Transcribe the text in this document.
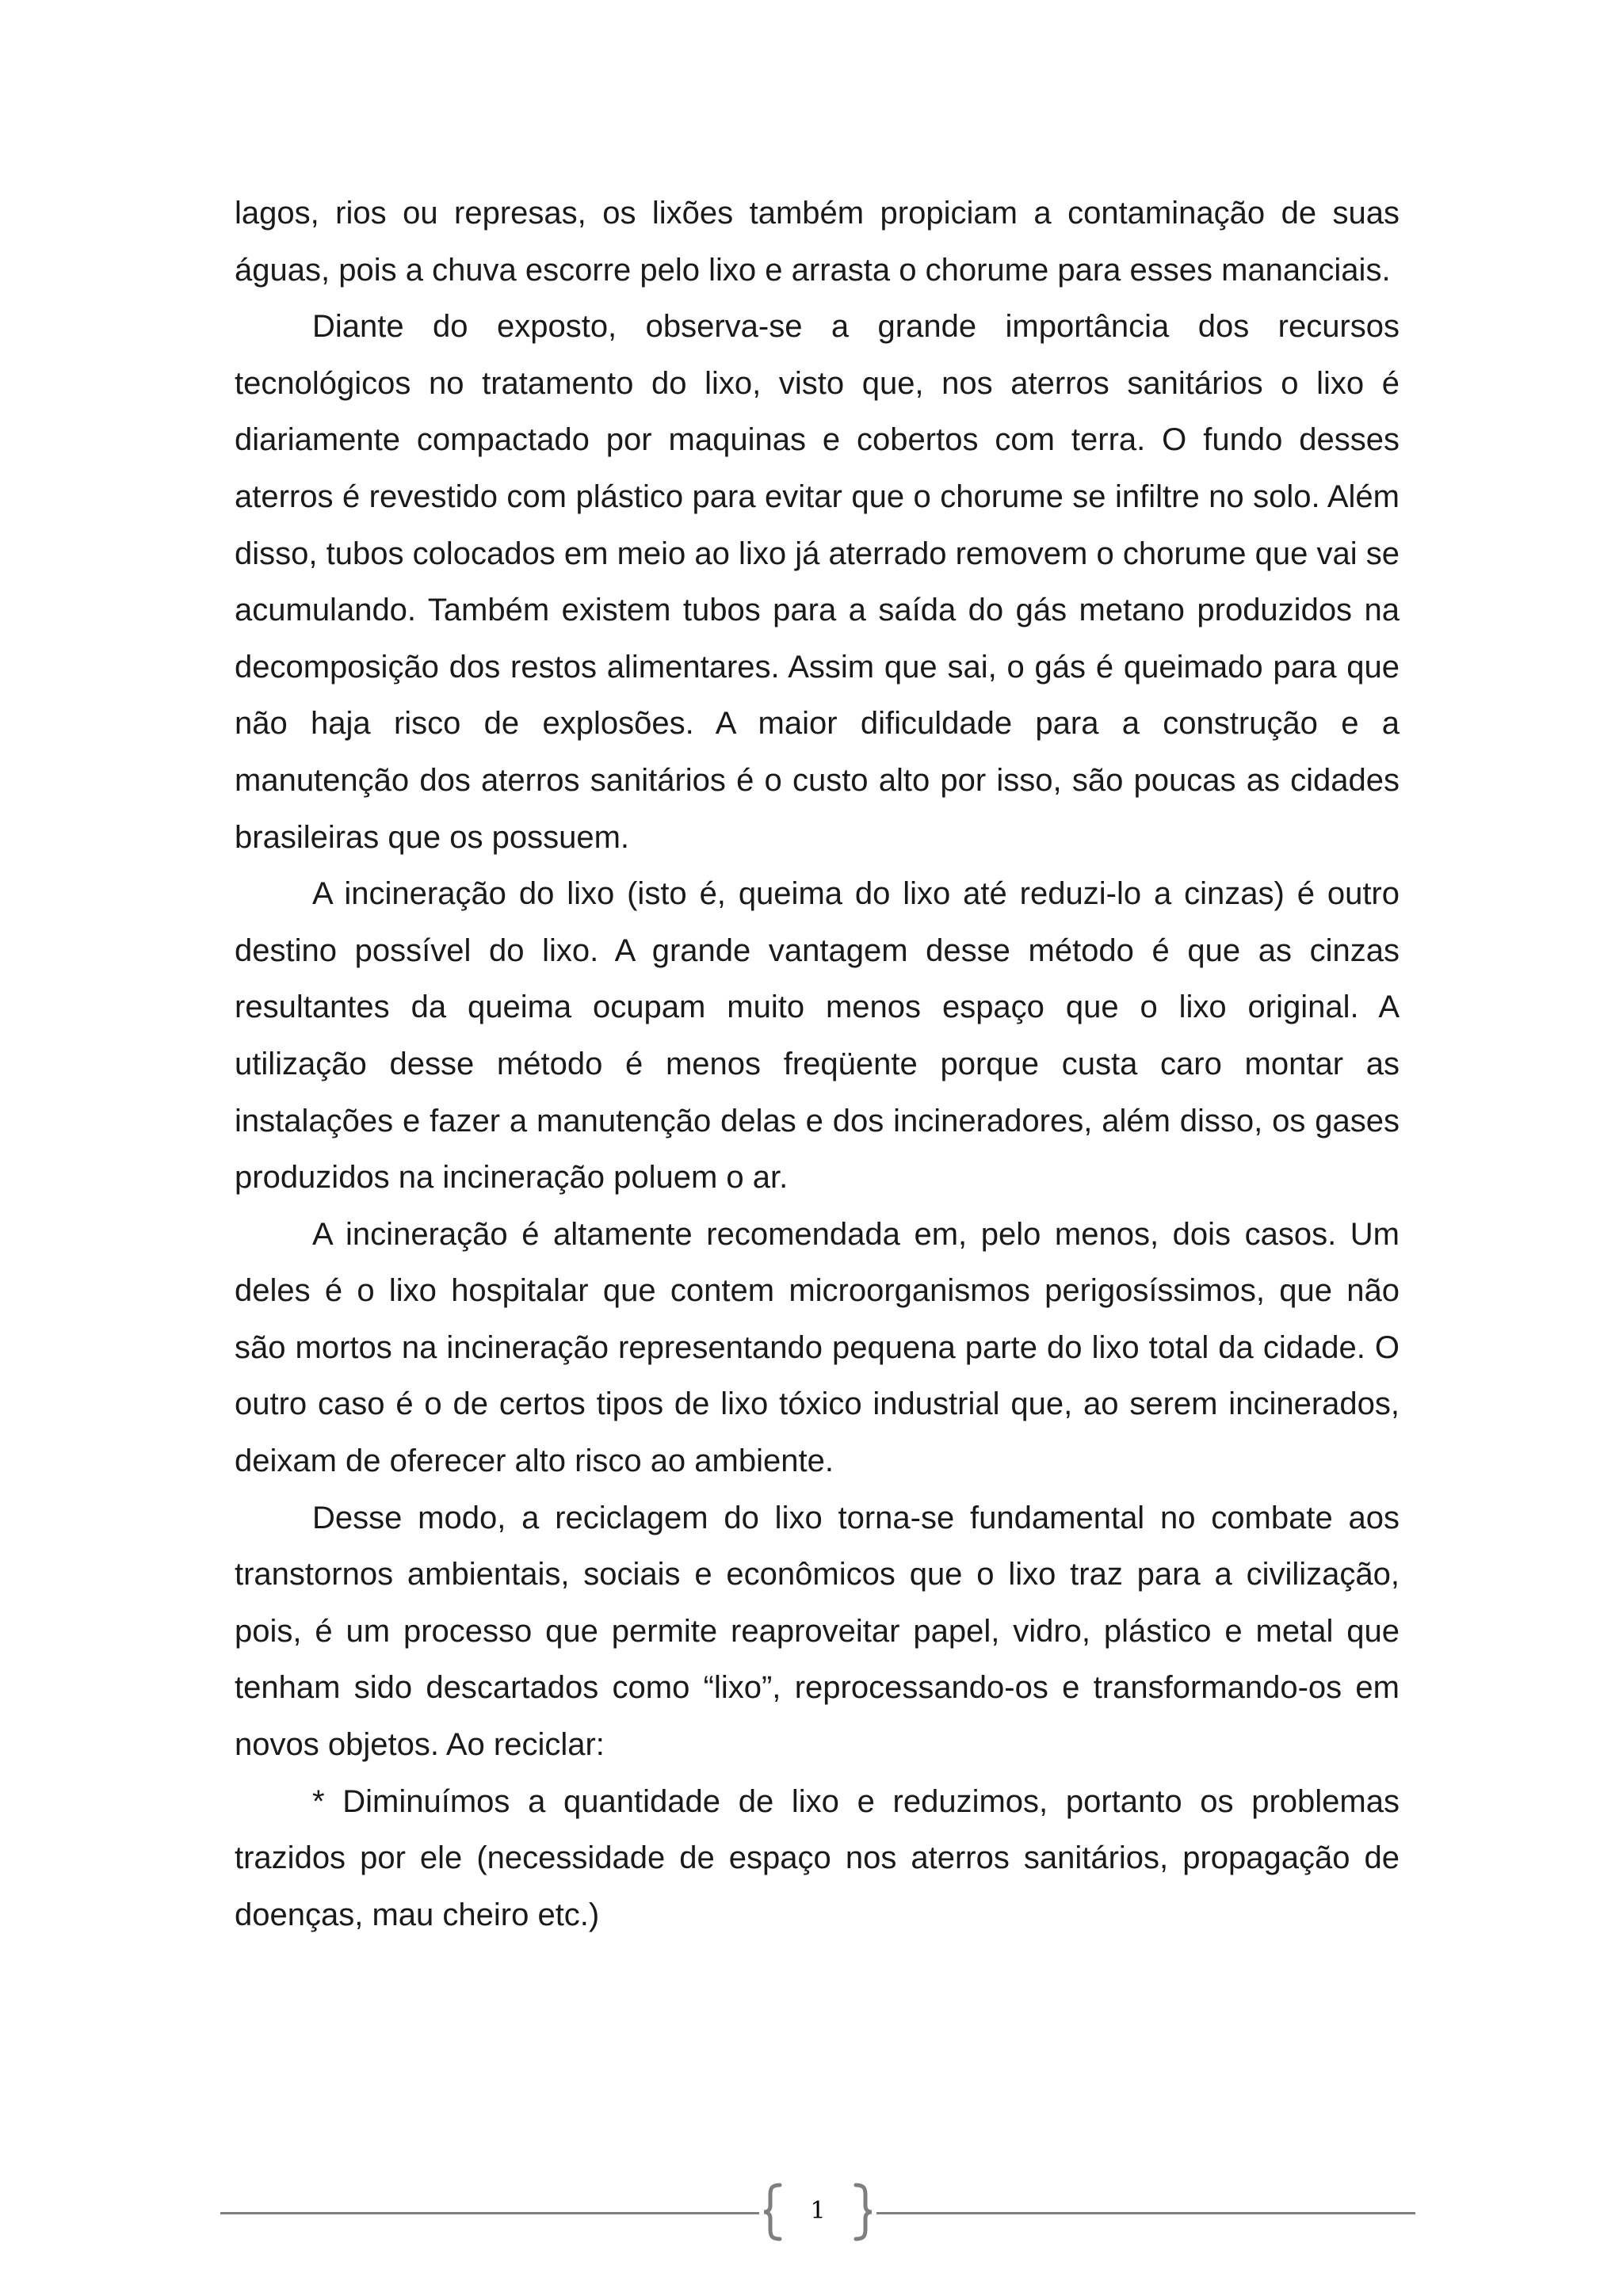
lagos, rios ou represas, os lixões também propiciam a contaminação de suas águas, pois a chuva escorre pelo lixo e arrasta o chorume para esses mananciais.

Diante do exposto, observa-se a grande importância dos recursos tecnológicos no tratamento do lixo, visto que, nos aterros sanitários o lixo é diariamente compactado por maquinas e cobertos com terra. O fundo desses aterros é revestido com plástico para evitar que o chorume se infiltre no solo. Além disso, tubos colocados em meio ao lixo já aterrado removem o chorume que vai se acumulando. Também existem tubos para a saída do gás metano produzidos na decomposição dos restos alimentares. Assim que sai, o gás é queimado para que não haja risco de explosões. A maior dificuldade para a construção e a manutenção dos aterros sanitários é o custo alto por isso, são poucas as cidades brasileiras que os possuem.

A incineração do lixo (isto é, queima do lixo até reduzi-lo a cinzas) é outro destino possível do lixo. A grande vantagem desse método é que as cinzas resultantes da queima ocupam muito menos espaço que o lixo original. A utilização desse método é menos freqüente porque custa caro montar as instalações e fazer a manutenção delas e dos incineradores, além disso, os gases produzidos na incineração poluem o ar.

A incineração é altamente recomendada em, pelo menos, dois casos. Um deles é o lixo hospitalar que contem microorganismos perigosíssimos, que não são mortos na incineração representando pequena parte do lixo total da cidade. O outro caso é o de certos tipos de lixo tóxico industrial que, ao serem incinerados, deixam de oferecer alto risco ao ambiente.

Desse modo, a reciclagem do lixo torna-se fundamental no combate aos transtornos ambientais, sociais e econômicos que o lixo traz para a civilização, pois, é um processo que permite reaproveitar papel, vidro, plástico e metal que tenham sido descartados como “lixo”, reprocessando-os e transformando-os em novos objetos. Ao reciclar:

* Diminuímos a quantidade de lixo e reduzimos, portanto os problemas trazidos por ele (necessidade de espaço nos aterros sanitários, propagação de doenças, mau cheiro etc.)

1
